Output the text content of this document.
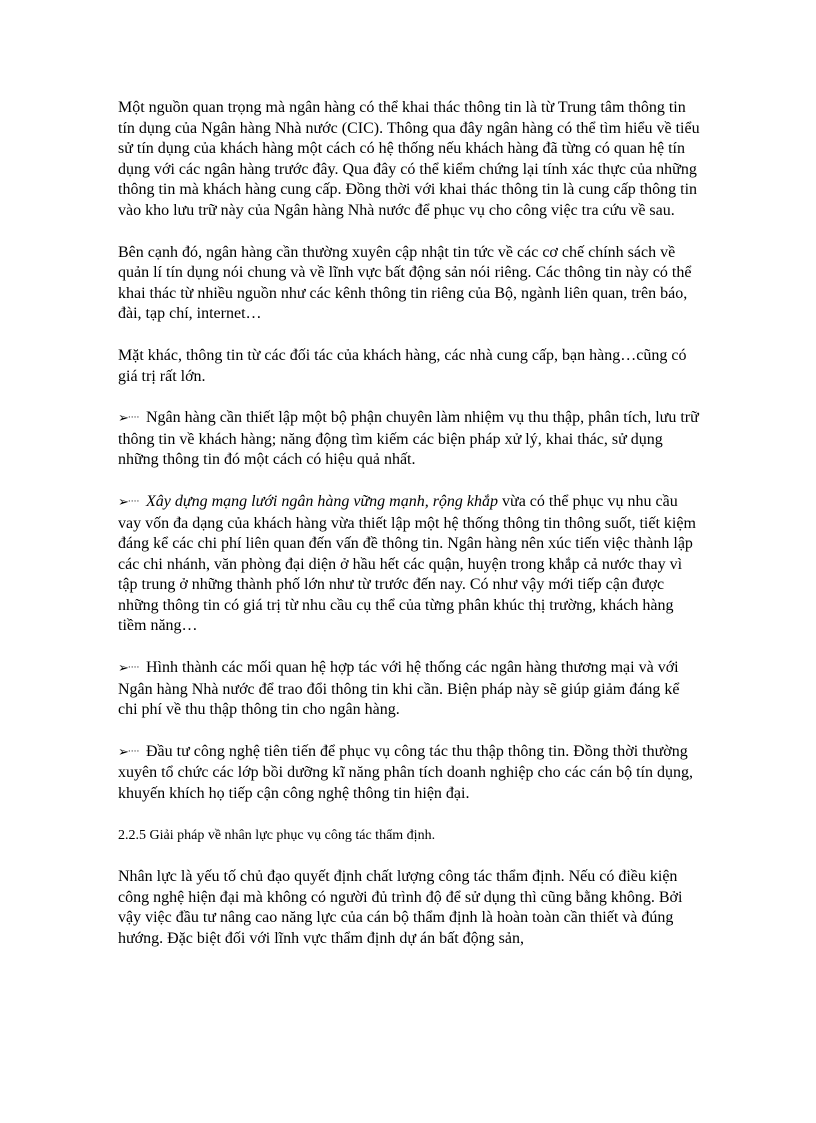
Một nguồn quan trọng mà ngân hàng có thể khai thác thông tin là từ Trung tâm thông tin tín dụng của Ngân hàng Nhà nước (CIC). Thông qua đây ngân hàng có thể tìm hiểu về tiểu sử tín dụng của khách hàng một cách có hệ thống nếu khách hàng đã từng có quan hệ tín dụng với các ngân hàng trước đây. Qua đây có thể kiểm chứng lại tính xác thực của những thông tin mà khách hàng cung cấp. Đồng thời với khai thác thông tin là cung cấp thông tin vào kho lưu trữ này của Ngân hàng Nhà nước để phục vụ cho công việc tra cứu về sau.

Bên cạnh đó, ngân hàng cần thường xuyên cập nhật tin tức về các cơ chế chính sách về quản lí tín dụng nói chung và về lĩnh vực bất động sản nói riêng. Các thông tin này có thể khai thác từ nhiều nguồn như các kênh thông tin riêng của Bộ, ngành liên quan, trên báo, đài, tạp chí, internet…

Mặt khác, thông tin từ các đối tác của khách hàng, các nhà cung cấp, bạn hàng…cũng có giá trị rất lớn.

➢···· Ngân hàng cần thiết lập một bộ phận chuyên làm nhiệm vụ thu thập, phân tích, lưu trữ thông tin về khách hàng; năng động tìm kiếm các biện pháp xử lý, khai thác, sử dụng những thông tin đó một cách có hiệu quả nhất.

➢···· Xây dựng mạng lưới ngân hàng vững mạnh, rộng khắp vừa có thể phục vụ nhu cầu vay vốn đa dạng của khách hàng vừa thiết lập một hệ thống thông tin thông suốt, tiết kiệm đáng kể các chi phí liên quan đến vấn đề thông tin. Ngân hàng nên xúc tiến việc thành lập các chi nhánh, văn phòng đại diện ở hầu hết các quận, huyện trong khắp cả nước thay vì tập trung ở những thành phố lớn như từ trước đến nay. Có như vậy mới tiếp cận được những thông tin có giá trị từ nhu cầu cụ thể của từng phân khúc thị trường, khách hàng tiềm năng…

➢···· Hình thành các mối quan hệ hợp tác với hệ thống các ngân hàng thương mại và với Ngân hàng Nhà nước để trao đổi thông tin khi cần. Biện pháp này sẽ giúp giảm đáng kể chi phí về thu thập thông tin cho ngân hàng.

➢···· Đầu tư công nghệ tiên tiến để phục vụ công tác thu thập thông tin. Đồng thời thường xuyên tổ chức các lớp bồi dưỡng kĩ năng phân tích doanh nghiệp cho các cán bộ tín dụng, khuyến khích họ tiếp cận công nghệ thông tin hiện đại.

2.2.5 Giải pháp về nhân lực phục vụ công tác thẩm định.

Nhân lực là yếu tố chủ đạo quyết định chất lượng công tác thẩm định. Nếu có điều kiện công nghệ hiện đại mà không có người đủ trình độ để sử dụng thì cũng bằng không. Bởi vậy việc đầu tư nâng cao năng lực của cán bộ thẩm định là hoàn toàn cần thiết và đúng hướng. Đặc biệt đối với lĩnh vực thẩm định dự án bất động sản,
